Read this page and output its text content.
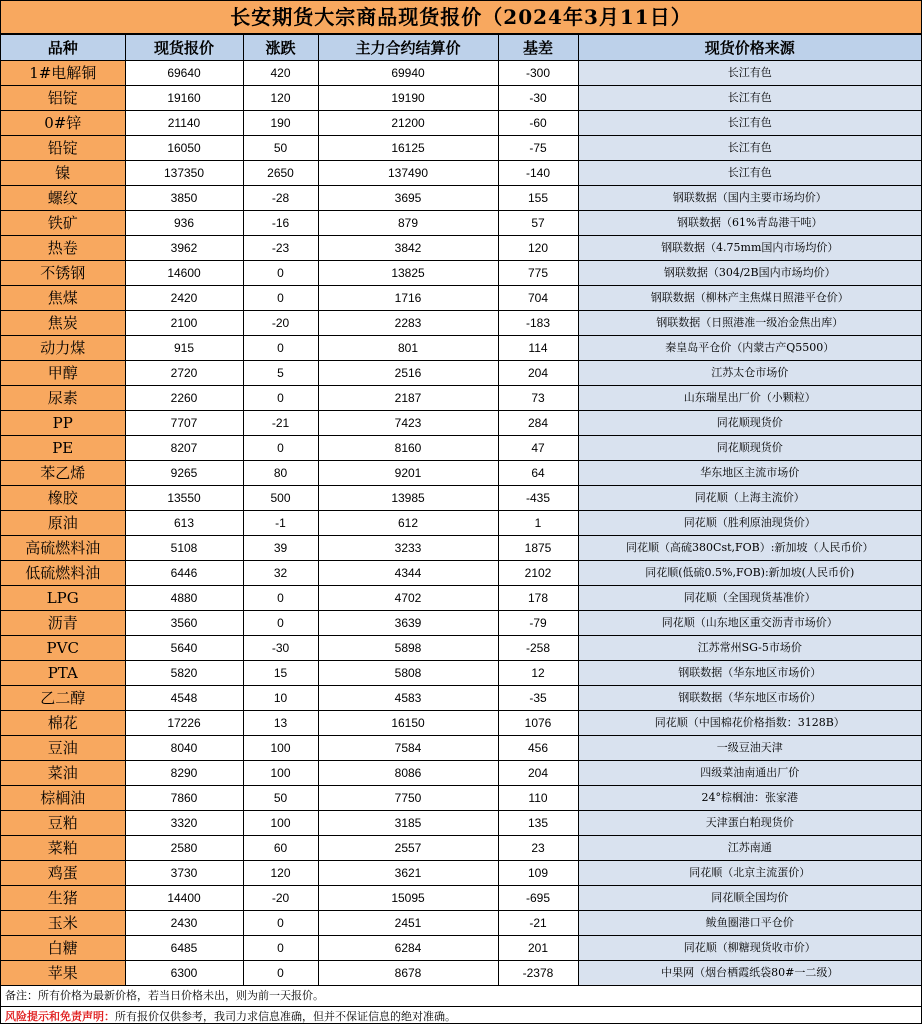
长安期货大宗商品现货报价（2024年3月11日）
品种	现货报价	涨跌	主力合约结算价	基差	现货价格来源
1#电解铜	69640	420	69940	-300	长江有色
铝锭	19160	120	19190	-30	长江有色
0#锌	21140	190	21200	-60	长江有色
铅锭	16050	50	16125	-75	长江有色
镍	137350	2650	137490	-140	长江有色
螺纹	3850	-28	3695	155	钢联数据（国内主要市场均价）
铁矿	936	-16	879	57	钢联数据（61%青岛港干吨）
热卷	3962	-23	3842	120	钢联数据（4.75mm国内市场均价）
不锈钢	14600	0	13825	775	钢联数据（304/2B国内市场均价）
焦煤	2420	0	1716	704	钢联数据（柳林产主焦煤日照港平仓价）
焦炭	2100	-20	2283	-183	钢联数据（日照港准一级冶金焦出库）
动力煤	915	0	801	114	秦皇岛平仓价（内蒙古产Q5500）
甲醇	2720	5	2516	204	江苏太仓市场价
尿素	2260	0	2187	73	山东瑞星出厂价（小颗粒）
PP	7707	-21	7423	284	同花顺现货价
PE	8207	0	8160	47	同花顺现货价
苯乙烯	9265	80	9201	64	华东地区主流市场价
橡胶	13550	500	13985	-435	同花顺（上海主流价）
原油	613	-1	612	1	同花顺（胜利原油现货价）
高硫燃料油	5108	39	3233	1875	同花顺（高硫380Cst,FOB）:新加坡（人民币价）
低硫燃料油	6446	32	4344	2102	同花顺(低硫0.5%,FOB):新加坡(人民币价)
LPG	4880	0	4702	178	同花顺（全国现货基准价）
沥青	3560	0	3639	-79	同花顺（山东地区重交沥青市场价）
PVC	5640	-30	5898	-258	江苏常州SG-5市场价
PTA	5820	15	5808	12	钢联数据（华东地区市场价）
乙二醇	4548	10	4583	-35	钢联数据（华东地区市场价）
棉花	17226	13	16150	1076	同花顺（中国棉花价格指数：3128B）
豆油	8040	100	7584	456	一级豆油天津
菜油	8290	100	8086	204	四级菜油南通出厂价
棕榈油	7860	50	7750	110	24°棕榈油：张家港
豆粕	3320	100	3185	135	天津蛋白粕现货价
菜粕	2580	60	2557	23	江苏南通
鸡蛋	3730	120	3621	109	同花顺（北京主流蛋价）
生猪	14400	-20	15095	-695	同花顺全国均价
玉米	2430	0	2451	-21	鲅鱼圈港口平仓价
白糖	6485	0	6284	201	同花顺（柳糖现货收市价）
苹果	6300	0	8678	-2378	中果网（烟台栖霞纸袋80#一二级）
备注：所有价格为最新价格，若当日价格未出，则为前一天报价。
风险提示和免责声明：所有报价仅供参考，我司力求信息准确，但并不保证信息的绝对准确。
